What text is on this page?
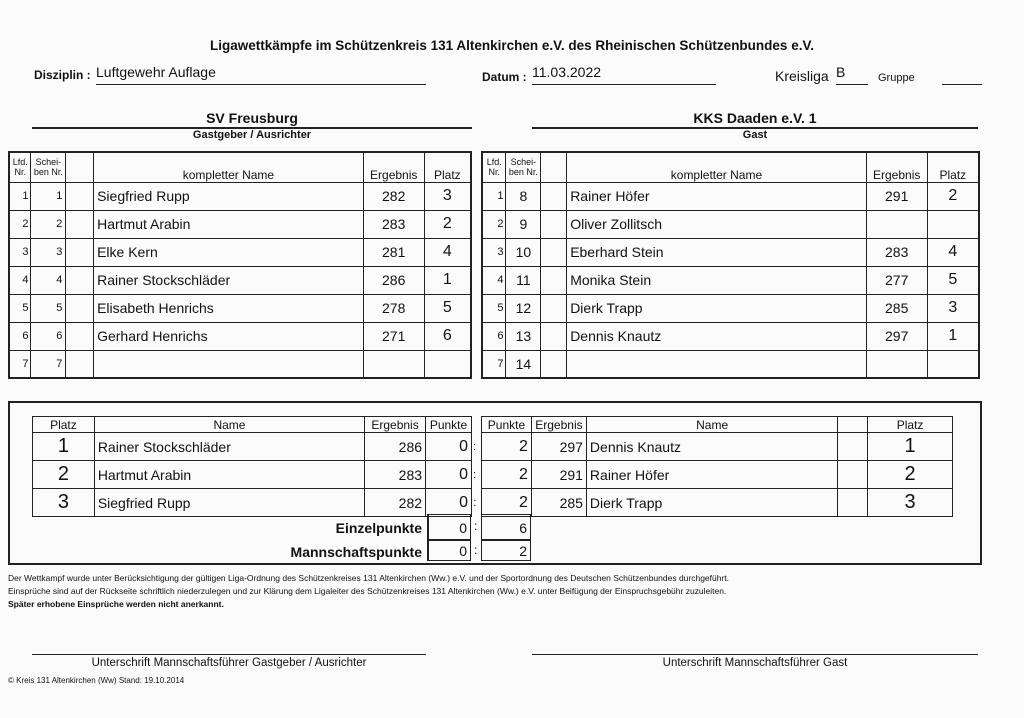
Ligawettkämpfe im Schützenkreis 131 Altenkirchen e.V. des Rheinischen Schützenbundes e.V.
Disziplin : Luftgewehr Auflage	Datum : 11.03.2022	Kreisliga B	Gruppe
SV Freusburg
Gastgeber / Ausrichter
KKS Daaden e.V. 1
Gast
Lfd. Nr.	Schei-ben Nr.		kompletter Name	Ergebnis	Platz
1	1		Siegfried Rupp	282	3
2	2		Hartmut Arabin	283	2
3	3		Elke Kern	281	4
4	4		Rainer Stockschläder	286	1
5	5		Elisabeth Henrichs	278	5
6	6		Gerhard Henrichs	271	6
7	7				
Lfd. Nr.	Schei-ben Nr.		kompletter Name	Ergebnis	Platz
1	8		Rainer Höfer	291	2
2	9		Oliver Zollitsch		
3	10		Eberhard Stein	283	4
4	11		Monika Stein	277	5
5	12		Dierk Trapp	285	3
6	13		Dennis Knautz	297	1
7	14				
Platz	Name	Ergebnis	Punkte	
1	Rainer Stockschläder	286	0	:
2	Hartmut Arabin	283	0	:
3	Siegfried Rupp	282	0	:
Punkte	Ergebnis	Name		Platz
2	297	Dennis Knautz		1
2	291	Rainer Höfer		2
2	285	Dierk Trapp		3
Einzelpunkte	0 :	6
Mannschaftspunkte	0 :	2
Der Wettkampf wurde unter Berücksichtigung der gültigen Liga-Ordnung des Schützenkreises 131 Altenkirchen (Ww.) e.V. und der Sportordnung des Deutschen Schützenbundes durchgeführt.
Einsprüche sind auf der Rückseite schriftlich niederzulegen und zur Klärung dem Ligaleiter des Schützenkreises 131 Altenkirchen (Ww.) e.V. unter Beifügung der Einspruchsgebühr zuzuleiten.
Später erhobene Einsprüche werden nicht anerkannt.
Unterschrift Mannschaftsführer Gastgeber / Ausrichter	Unterschrift Mannschaftsführer Gast
© Kreis 131 Altenkirchen (Ww) Stand: 19.10.2014
